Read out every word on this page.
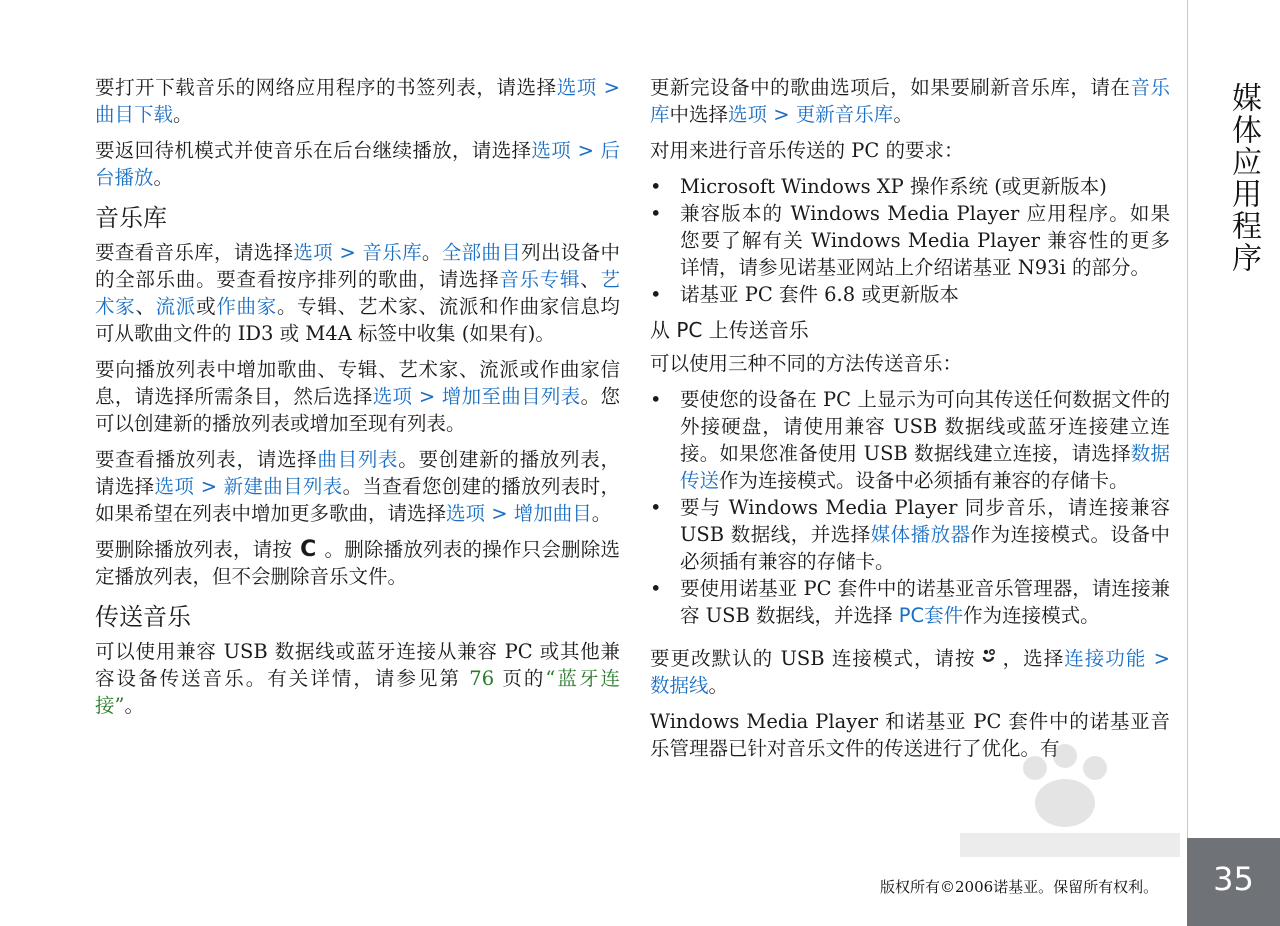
要打开下载音乐的网络应用程序的书签列表，请选择选项 > 曲目下载。

要返回待机模式并使音乐在后台继续播放，请选择选项 > 后台播放。

音乐库

要查看音乐库，请选择选项 > 音乐库。全部曲目列出设备中的全部乐曲。要查看按序排列的歌曲，请选择音乐专辑、艺术家、流派或作曲家。专辑、艺术家、流派和作曲家信息均可从歌曲文件的 ID3 或 M4A 标签中收集 (如果有)。

要向播放列表中增加歌曲、专辑、艺术家、流派或作曲家信息，请选择所需条目，然后选择选项 > 增加至曲目列表。您可以创建新的播放列表或增加至现有列表。

要查看播放列表，请选择曲目列表。要创建新的播放列表，请选择选项 > 新建曲目列表。当查看您创建的播放列表时，如果希望在列表中增加更多歌曲，请选择选项 > 增加曲目。

要删除播放列表，请按 C 。删除播放列表的操作只会删除选定播放列表，但不会删除音乐文件。

传送音乐

可以使用兼容 USB 数据线或蓝牙连接从兼容 PC 或其他兼容设备传送音乐。有关详情，请参见第 76 页的“蓝牙连接”。

更新完设备中的歌曲选项后，如果要刷新音乐库，请在音乐库中选择选项 > 更新音乐库。

对用来进行音乐传送的 PC 的要求：

• Microsoft Windows XP 操作系统 (或更新版本)
• 兼容版本的 Windows Media Player 应用程序。如果您要了解有关 Windows Media Player 兼容性的更多详情，请参见诺基亚网站上介绍诺基亚 N93i 的部分。
• 诺基亚 PC 套件 6.8 或更新版本
从 PC 上传送音乐

可以使用三种不同的方法传送音乐：

• 要使您的设备在 PC 上显示为可向其传送任何数据文件的外接硬盘，请使用兼容 USB 数据线或蓝牙连接建立连接。如果您准备使用 USB 数据线建立连接，请选择数据传送作为连接模式。设备中必须插有兼容的存储卡。
• 要与 Windows Media Player 同步音乐，请连接兼容 USB 数据线，并选择媒体播放器作为连接模式。设备中必须插有兼容的存储卡。
• 要使用诺基亚 PC 套件中的诺基亚音乐管理器，请连接兼容 USB 数据线，并选择 PC套件作为连接模式。

要更改默认的 USB 连接模式，请按 ，选择连接功能 > 数据线。

Windows Media Player 和诺基亚 PC 套件中的诺基亚音乐管理器已针对音乐文件的传送进行了优化。有

媒体应用程序
35
版权所有©2006诺基亚。保留所有权利。
